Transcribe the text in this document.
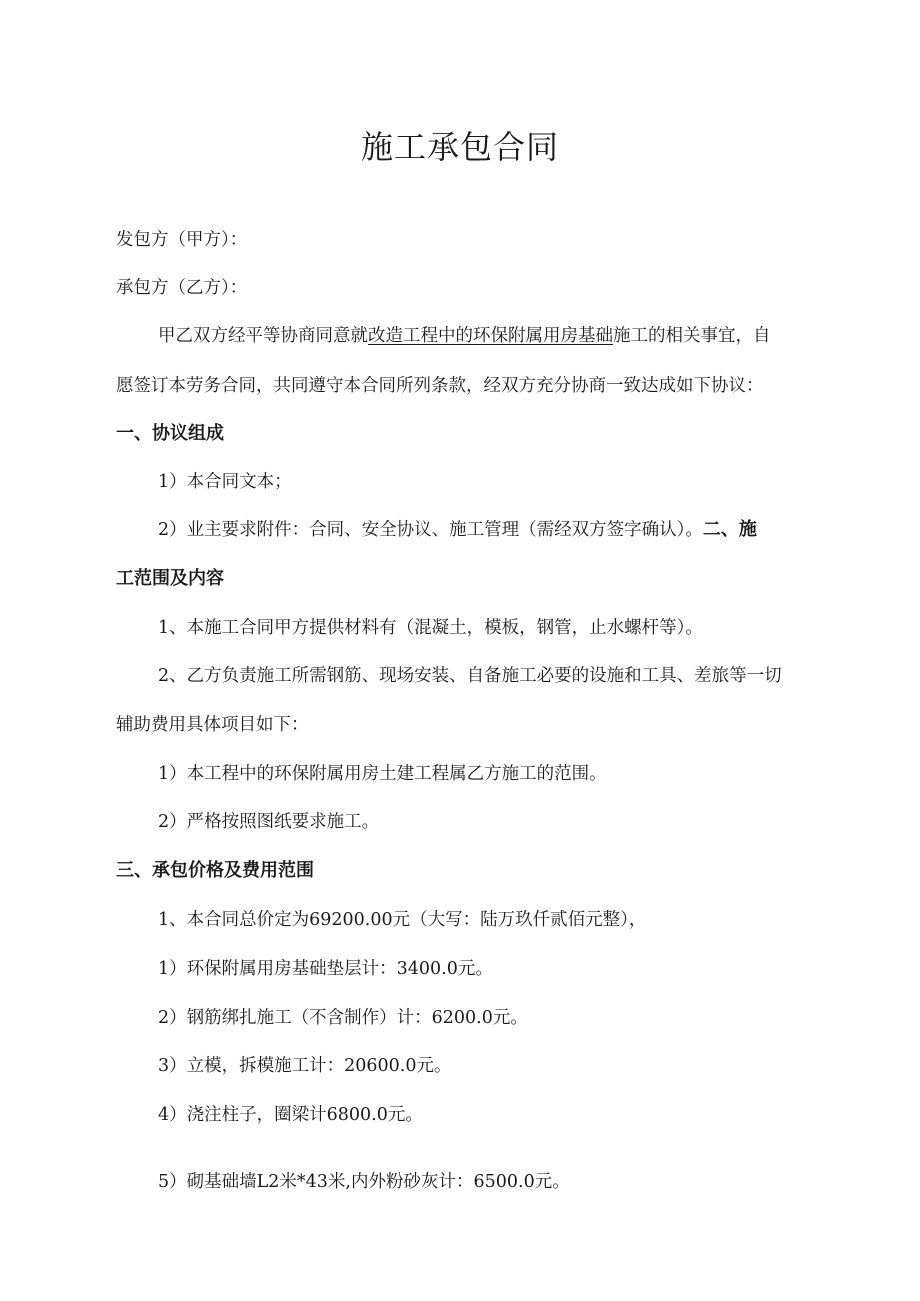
施工承包合同

发包方（甲方）：

承包方（乙方）：

甲乙双方经平等协商同意就改造工程中的环保附属用房基础施工的相关事宜，自

愿签订本劳务合同，共同遵守本合同所列条款，经双方充分协商一致达成如下协议：

一、协议组成

1）本合同文本；

2）业主要求附件：合同、安全协议、施工管理（需经双方签字确认）。二、施

工范围及内容

1、本施工合同甲方提供材料有（混凝土，模板，钢管，止水螺杆等）。

2、乙方负责施工所需钢筋、现场安装、自备施工必要的设施和工具、差旅等一切

辅助费用具体项目如下：

1）本工程中的环保附属用房土建工程属乙方施工的范围。

2）严格按照图纸要求施工。

三、承包价格及费用范围

1、本合同总价定为69200.00元（大写：陆万玖仟贰佰元整），

1）环保附属用房基础垫层计：3400.0元。

2）钢筋绑扎施工（不含制作）计：6200.0元。

3）立模，拆模施工计：20600.0元。

4）浇注柱子，圈梁计6800.0元。

5）砌基础墙L2米*43米,内外粉砂灰计：6500.0元。
